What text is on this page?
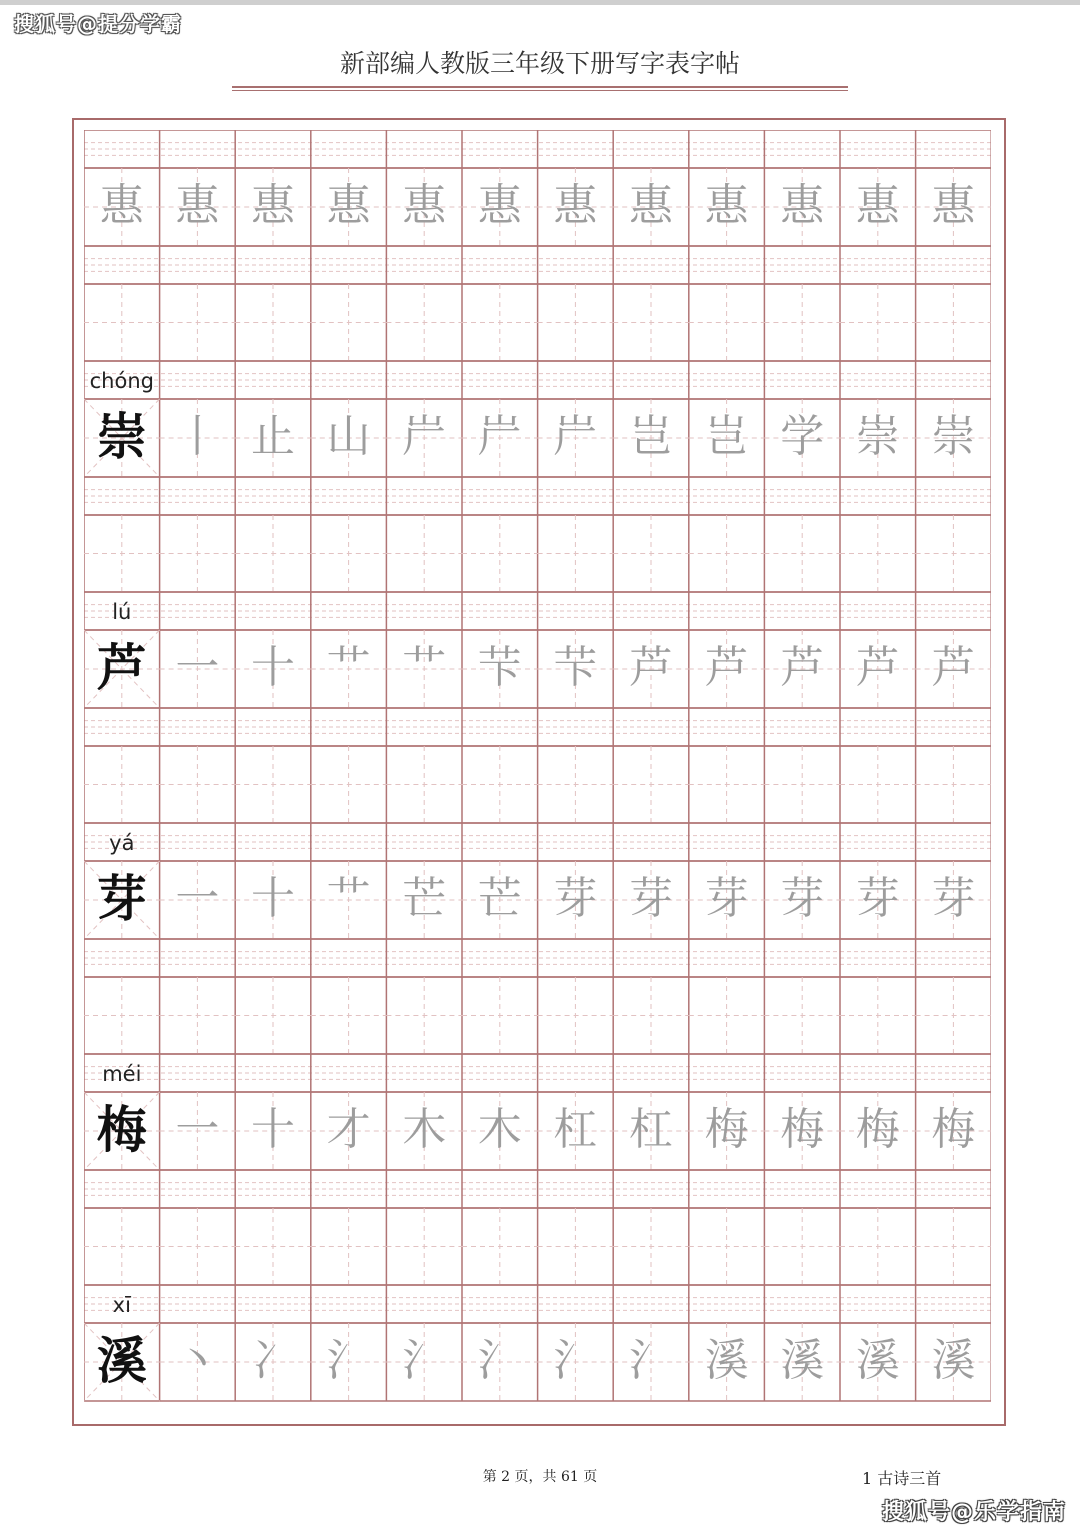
搜狐号@提分学霸
新部编人教版三年级下册写字表字帖
惠 惠 惠 惠 惠 惠 惠 惠 惠 惠 惠 惠
chóng
崇 丨 止 山 屵 屵 屵 岂 岂 学 崇 崇
lú
芦 一 十 艹 艹 芐 芐 芦 芦 芦 芦 芦
yá
芽 一 十 艹 芒 芒 芽 芽 芽 芽 芽 芽
méi
梅 一 十 才 木 木 杠 杠 梅 梅 梅 梅
xī
溪 丶 冫 氵 氵 氵 氵 氵 溪 溪 溪 溪
第 2 页，共 61 页	1 古诗三首
搜狐号@乐学指南
